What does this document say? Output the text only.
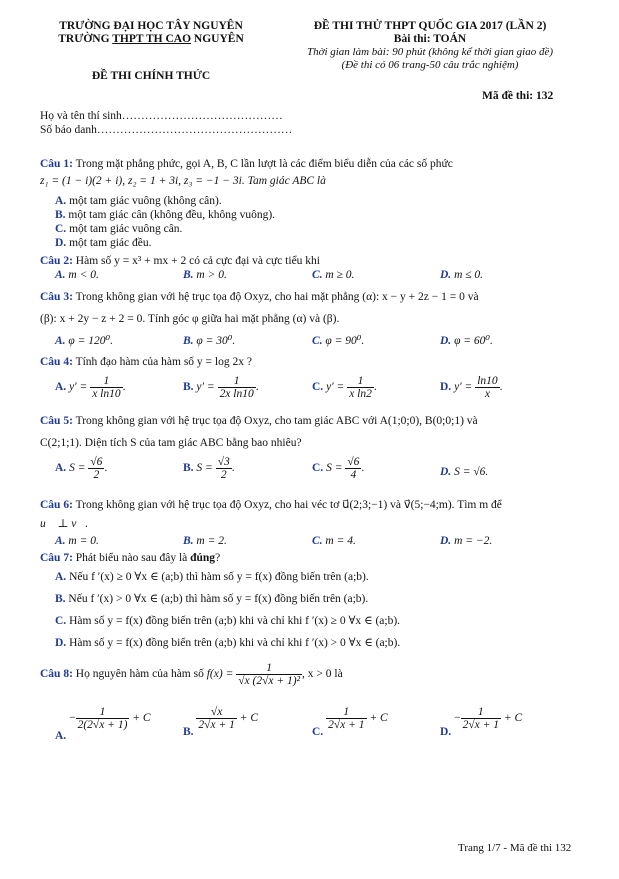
TRƯỜNG ĐẠI HỌC TÂY NGUYÊN
TRƯỜNG THPT TH CAO NGUYÊN
ĐỀ THI CHÍNH THỨC
ĐỀ THI THỬ THPT QUỐC GIA 2017 (LẦN 2)
Bài thi: TOÁN
Thời gian làm bài: 90 phút (không kể thời gian giao đề)
(Đề thi có 06 trang-50 câu trắc nghiệm)
Mã đề thi: 132
Họ và tên thí sinh……………………………………
Số báo danh……………………………………………
Câu 1: Trong mặt phẳng phức, gọi A, B, C lần lượt là các điểm biểu diễn của các số phức
z₁ = (1 − i)(2 + i), z₂ = 1 + 3i, z₃ = −1 − 3i. Tam giác ABC là
A. một tam giác vuông (không cân).
B. một tam giác cân (không đều, không vuông).
C. một tam giác vuông cân.
D. một tam giác đều.
Câu 2: Hàm số y = x³ + mx + 2 có cả cực đại và cực tiểu khi
A. m < 0.	B. m > 0.	C. m ≥ 0.	D. m ≤ 0.
Câu 3: Trong không gian với hệ trục tọa độ Oxyz, cho hai mặt phẳng (α): x − y + 2z − 1 = 0 và
(β): x + 2y − z + 2 = 0. Tính góc φ giữa hai mặt phẳng (α) và (β).
A. φ = 120⁰.	B. φ = 30⁰.	C. φ = 90⁰.	D. φ = 60⁰.
Câu 4: Tính đạo hàm của hàm số y = log 2x ?
A. $y' = \frac{1}{\text{x ln10}}$ .	B. $y' = \frac{1}{\text{2x ln10}}$ .	C. $y' = \frac{1}{\text{x ln2}}$ .	D. $y' = \frac{\ln 10}{x}$ .
Câu 5: Trong không gian với hệ trục tọa độ Oxyz, cho tam giác ABC với A(1;0;0), B(0;0;1) và
C(2;1;1). Diện tích S của tam giác ABC bằng bao nhiêu?
A. $S = \frac{√6}{2}$ .	B. $S = \frac{√3}{2}$ .	C. $S = \frac{√6}{4}$ .	D. S = √6.
Câu 6: Trong không gian với hệ trục tọa độ Oxyz, cho hai véc tơ u⃗(2;3;−1) và v⃗(5;−4;m). Tìm m để
u⃗ ⊥ v⃗.
A. m = 0.	B. m = 2.	C. m = 4.	D. m = −2.
Câu 7: Phát biểu nào sau đây là đúng?
A. Nếu f ′(x) ≥ 0 ∀x ∈ (a;b) thì hàm số y = f(x) đồng biến trên (a;b).
B. Nếu f ′(x) > 0 ∀x ∈ (a;b) thì hàm số y = f(x) đồng biến trên (a;b).
C. Hàm số y = f(x) đồng biến trên (a;b) khi và chỉ khi f ′(x) ≥ 0 ∀x ∈ (a;b).
D. Hàm số y = f(x) đồng biến trên (a;b) khi và chỉ khi f ′(x) > 0 ∀x ∈ (a;b).
Câu 8: Họ nguyên hàm của hàm số $f(x) = \frac{1}{\text{√x (2√x + 1)²}}$ , x > 0 là
A. − $\frac{1}{2(2√x + 1)} + C$
B.
$\frac{√x}{2√x + 1} + C$
C.
$\frac{1}{2√x + 1} + C$
D. − $\frac{1}{2√x + 1} + C$
Trang 1/7 - Mã đề thi 132
